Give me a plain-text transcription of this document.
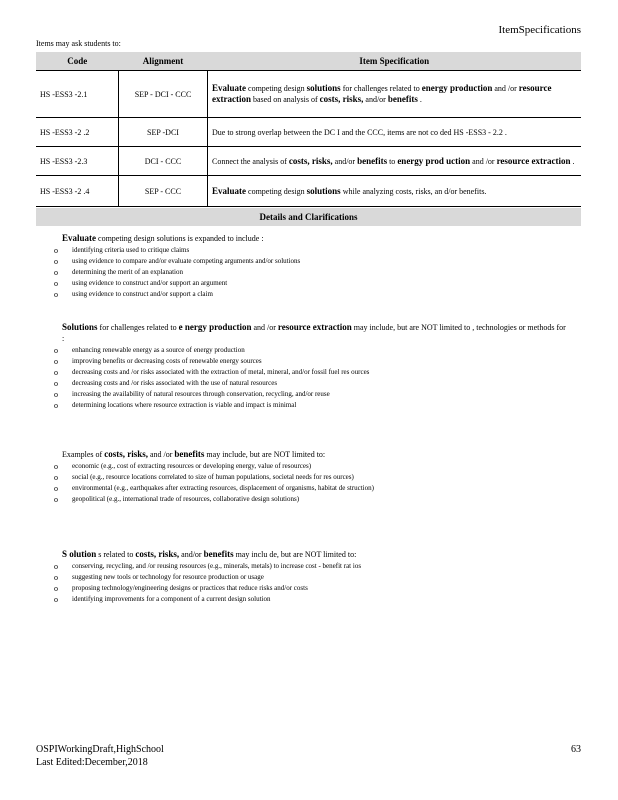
ItemSpecifications
Items may ask students to:
Code	Alignment	Item Specification
HS -ESS3 -2.1	SEP - DCI - CCC	Evaluate competing design solutions for challenges related to energy production and /or resource extraction based on analysis of costs, risks, and/or benefits .
HS -ESS3 -2 .2	SEP -DCI	Due to strong overlap between the DC I and the CCC, items are not co ded HS -ESS3 - 2.2 .
HS -ESS3 -2.3	DCI - CCC	Connect the analysis of costs, risks, and/or benefits to energy prod uction and /or resource extraction .
HS -ESS3 -2 .4	SEP - CCC	Evaluate competing design solutions while analyzing costs, risks, an d/or benefits.
Details and Clarifications
Evaluate competing design solutions is expanded to include :
o	identifying criteria used to critique claims
o	using evidence to compare and/or evaluate competing arguments and/or solutions
o	determining the merit of an explanation
o	using evidence to construct and/or support an argument
o	using evidence to construct and/or support a claim
Solutions for challenges related to e nergy production and /or resource extraction may include, but are NOT limited to , technologies or methods for :
o	enhancing renewable energy as a source of energy production
o	improving benefits or decreasing costs of renewable energy sources
o	decreasing costs and /or risks associated with the extraction of metal, mineral, and/or fossil fuel res ources
o	decreasing costs and /or risks associated with the use of natural resources
o	increasing the availability of natural resources through conservation, recycling, and/or reuse
o	determining locations where resource extraction is viable and impact is minimal
Examples of costs, risks, and /or benefits may include, but are NOT limited to:
o	economic (e.g., cost of extracting resources or developing energy, value of resources)
o	social (e.g., resource locations correlated to size of human populations, societal needs for res ources)
o	environmental (e.g., earthquakes after extracting resources, displacement of organisms, habitat de struction)
o	geopolitical (e.g., international trade of resources, collaborative design solutions)
S olution s related to costs, risks, and/or benefits may inclu de, but are NOT limited to:
o	conserving, recycling, and /or reusing resources (e.g., minerals, metals) to increase cost - benefit rat ios
o	suggesting new tools or technology for resource production or usage
o	proposing technology/engineering designs or practices that reduce risks and/or costs
o	identifying improvements for a component of a current design solution
OSPIWorkingDraft,HighSchool
Last Edited:December,2018
63
